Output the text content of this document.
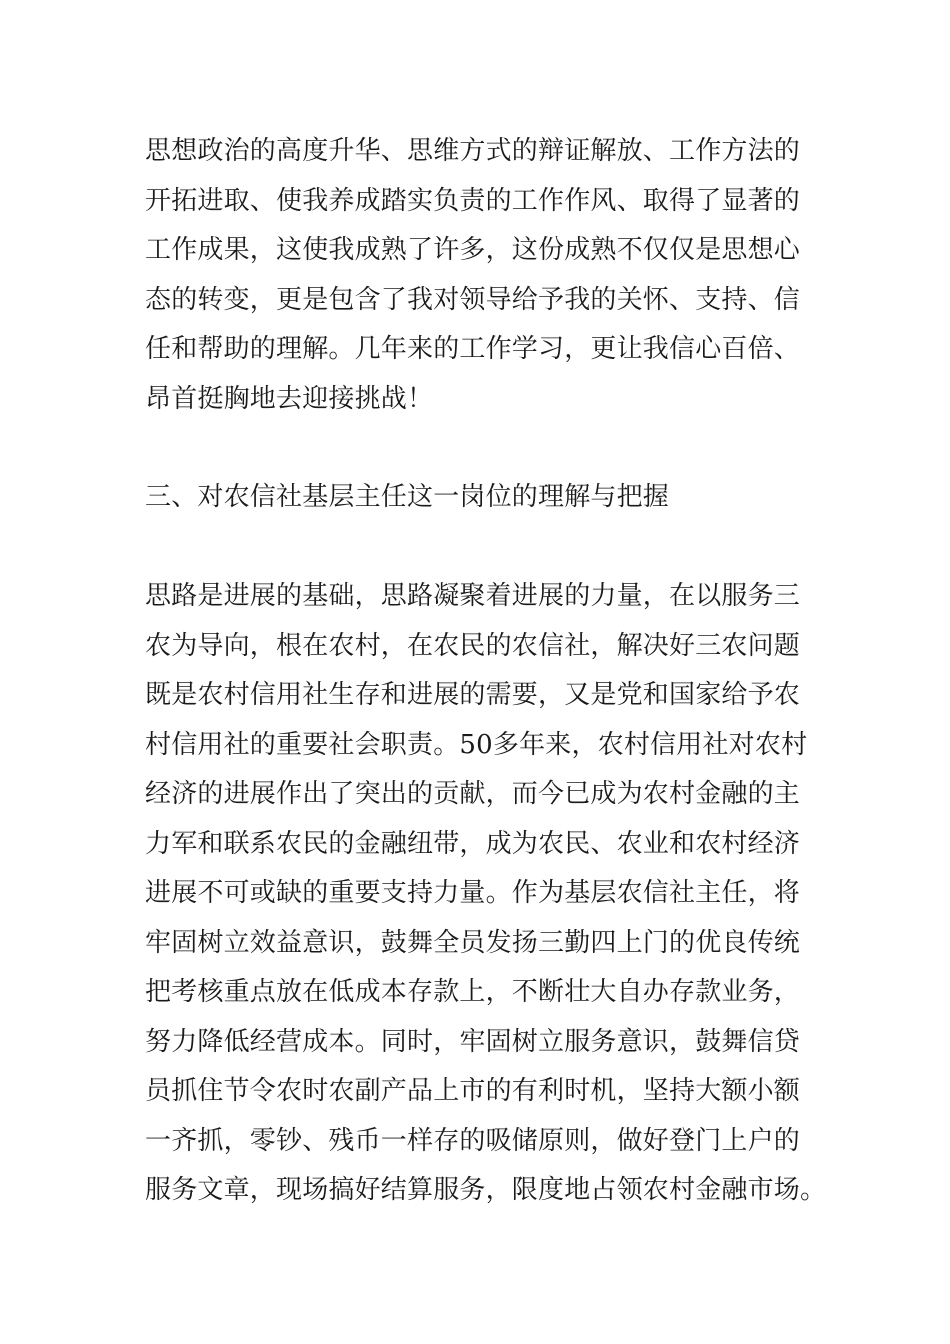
思想政治的高度升华、思维方式的辩证解放、工作方法的
开拓进取、使我养成踏实负责的工作作风、取得了显著的
工作成果，这使我成熟了许多，这份成熟不仅仅是思想心
态的转变，更是包含了我对领导给予我的关怀、支持、信
任和帮助的理解。几年来的工作学习，更让我信心百倍、
昂首挺胸地去迎接挑战！
三、对农信社基层主任这一岗位的理解与把握
思路是进展的基础，思路凝聚着进展的力量，在以服务三
农为导向，根在农村，在农民的农信社，解决好三农问题
既是农村信用社生存和进展的需要，又是党和国家给予农
村信用社的重要社会职责。50多年来，农村信用社对农村
经济的进展作出了突出的贡献，而今已成为农村金融的主
力军和联系农民的金融纽带，成为农民、农业和农村经济
进展不可或缺的重要支持力量。作为基层农信社主任，将
牢固树立效益意识，鼓舞全员发扬三勤四上门的优良传统
把考核重点放在低成本存款上，不断壮大自办存款业务，
努力降低经营成本。同时，牢固树立服务意识，鼓舞信贷
员抓住节令农时农副产品上市的有利时机，坚持大额小额
一齐抓，零钞、残币一样存的吸储原则，做好登门上户的
服务文章，现场搞好结算服务，限度地占领农村金融市场。
